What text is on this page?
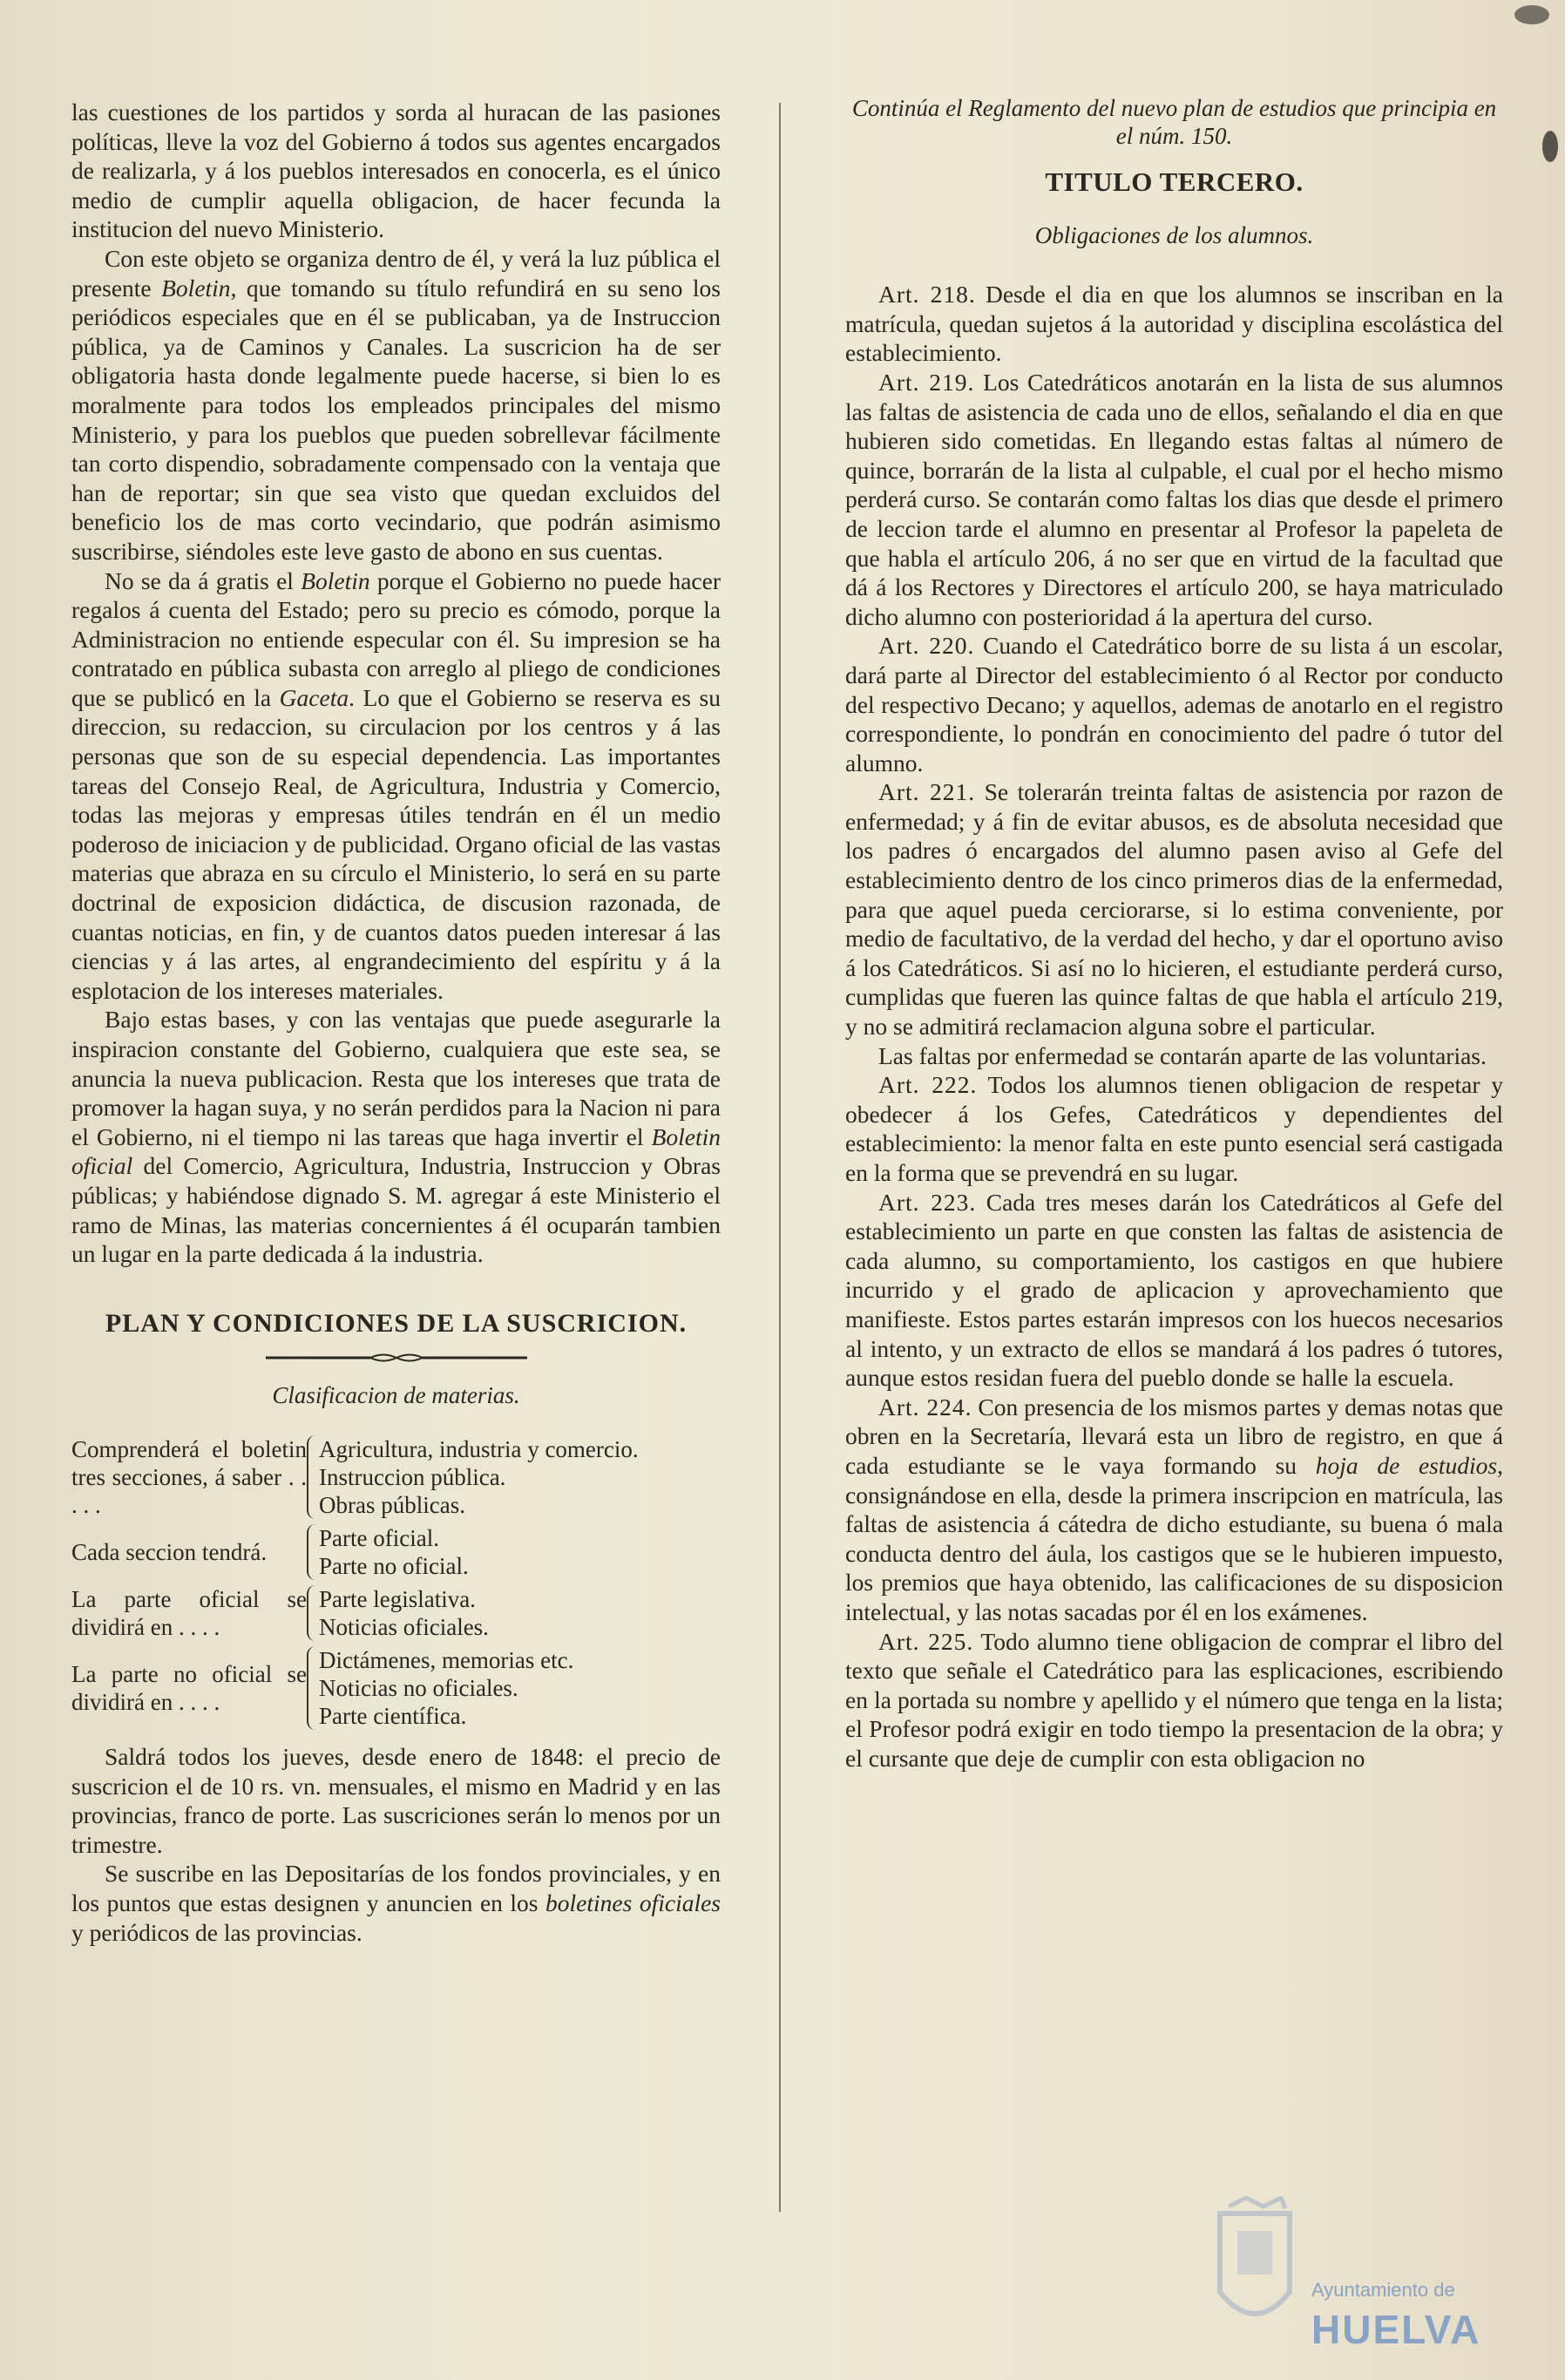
las cuestiones de los partidos y sorda al huracan de las pasiones políticas, lleve la voz del Gobierno á todos sus agentes encargados de realizarla, y á los pueblos interesados en conocerla, es el único medio de cumplir aquella obligacion, de hacer fecunda la institucion del nuevo Ministerio.

Con este objeto se organiza dentro de él, y verá la luz pública el presente Boletin, que tomando su título refundirá en su seno los periódicos especiales que en él se publicaban, ya de Instruccion pública, ya de Caminos y Canales. La suscricion ha de ser obligatoria hasta donde legalmente puede hacerse, si bien lo es moralmente para todos los empleados principales del mismo Ministerio, y para los pueblos que pueden sobrellevar fácilmente tan corto dispendio, sobradamente compensado con la ventaja que han de reportar; sin que sea visto que quedan excluidos del beneficio los de mas corto vecindario, que podrán asimismo suscribirse, siéndoles este leve gasto de abono en sus cuentas.

No se da á gratis el Boletin porque el Gobierno no puede hacer regalos á cuenta del Estado; pero su precio es cómodo, porque la Administracion no entiende especular con él. Su impresion se ha contratado en pública subasta con arreglo al pliego de condiciones que se publicó en la Gaceta. Lo que el Gobierno se reserva es su direccion, su redaccion, su circulacion por los centros y á las personas que son de su especial dependencia. Las importantes tareas del Consejo Real, de Agricultura, Industria y Comercio, todas las mejoras y empresas útiles tendrán en él un medio poderoso de iniciacion y de publicidad. Organo oficial de las vastas materias que abraza en su círculo el Ministerio, lo será en su parte doctrinal de exposicion didáctica, de discusion razonada, de cuantas noticias, en fin, y de cuantos datos pueden interesar á las ciencias y á las artes, al engrandecimiento del espíritu y á la esplotacion de los intereses materiales.

Bajo estas bases, y con las ventajas que puede asegurarle la inspiracion constante del Gobierno, cualquiera que este sea, se anuncia la nueva publicacion. Resta que los intereses que trata de promover la hagan suya, y no serán perdidos para la Nacion ni para el Gobierno, ni el tiempo ni las tareas que haga invertir el Boletin oficial del Comercio, Agricultura, Industria, Instruccion y Obras públicas; y habiéndose dignado S. M. agregar á este Ministerio el ramo de Minas, las materias concernientes á él ocuparán tambien un lugar en la parte dedicada á la industria.

PLAN Y CONDICIONES DE LA SUSCRICION.
Clasificacion de materias.
Comprenderá el boletin tres secciones, á saber . . . . .		Agricultura, industria y comercio.
Instruccion pública.
Obras públicas.

Cada seccion tendrá.		Parte oficial.
Parte no oficial.

La parte oficial se dividirá en . . . .		Parte legislativa.
Noticias oficiales.

La parte no oficial se dividirá en . . . .		Dictámenes, memorias etc.
Noticias no oficiales.
Parte científica.

Saldrá todos los jueves, desde enero de 1848: el precio de suscricion el de 10 rs. vn. mensuales, el mismo en Madrid y en las provincias, franco de porte. Las suscriciones serán lo menos por un trimestre.

Se suscribe en las Depositarías de los fondos provinciales, y en los puntos que estas designen y anuncien en los boletines oficiales y periódicos de las provincias.

Continúa el Reglamento del nuevo plan de estudios que principia en el núm. 150.
TITULO TERCERO.
Obligaciones de los alumnos.

Art. 218. Desde el dia en que los alumnos se inscriban en la matrícula, quedan sujetos á la autoridad y disciplina escolástica del establecimiento.

Art. 219. Los Catedráticos anotarán en la lista de sus alumnos las faltas de asistencia de cada uno de ellos, señalando el dia en que hubieren sido cometidas. En llegando estas faltas al número de quince, borrarán de la lista al culpable, el cual por el hecho mismo perderá curso. Se contarán como faltas los dias que desde el primero de leccion tarde el alumno en presentar al Profesor la papeleta de que habla el artículo 206, á no ser que en virtud de la facultad que dá á los Rectores y Directores el artículo 200, se haya matriculado dicho alumno con posterioridad á la apertura del curso.

Art. 220. Cuando el Catedrático borre de su lista á un escolar, dará parte al Director del establecimiento ó al Rector por conducto del respectivo Decano; y aquellos, ademas de anotarlo en el registro correspondiente, lo pondrán en conocimiento del padre ó tutor del alumno.

Art. 221. Se tolerarán treinta faltas de asistencia por razon de enfermedad; y á fin de evitar abusos, es de absoluta necesidad que los padres ó encargados del alumno pasen aviso al Gefe del establecimiento dentro de los cinco primeros dias de la enfermedad, para que aquel pueda cerciorarse, si lo estima conveniente, por medio de facultativo, de la verdad del hecho, y dar el oportuno aviso á los Catedráticos. Si así no lo hicieren, el estudiante perderá curso, cumplidas que fueren las quince faltas de que habla el artículo 219, y no se admitirá reclamacion alguna sobre el particular.

Las faltas por enfermedad se contarán aparte de las voluntarias.

Art. 222. Todos los alumnos tienen obligacion de respetar y obedecer á los Gefes, Catedráticos y dependientes del establecimiento: la menor falta en este punto esencial será castigada en la forma que se prevendrá en su lugar.

Art. 223. Cada tres meses darán los Catedráticos al Gefe del establecimiento un parte en que consten las faltas de asistencia de cada alumno, su comportamiento, los castigos en que hubiere incurrido y el grado de aplicacion y aprovechamiento que manifieste. Estos partes estarán impresos con los huecos necesarios al intento, y un extracto de ellos se mandará á los padres ó tutores, aunque estos residan fuera del pueblo donde se halle la escuela.

Art. 224. Con presencia de los mismos partes y demas notas que obren en la Secretaría, llevará esta un libro de registro, en que á cada estudiante se le vaya formando su hoja de estudios, consignándose en ella, desde la primera inscripcion en matrícula, las faltas de asistencia á cátedra de dicho estudiante, su buena ó mala conducta dentro del áula, los castigos que se le hubieren impuesto, los premios que haya obtenido, las calificaciones de su disposicion intelectual, y las notas sacadas por él en los exámenes.

Art. 225. Todo alumno tiene obligacion de comprar el libro del texto que señale el Catedrático para las esplicaciones, escribiendo en la portada su nombre y apellido y el número que tenga en la lista; el Profesor podrá exigir en todo tiempo la presentacion de la obra; y el cursante que deje de cumplir con esta obligacion no

Ayuntamiento de
HUELVA
